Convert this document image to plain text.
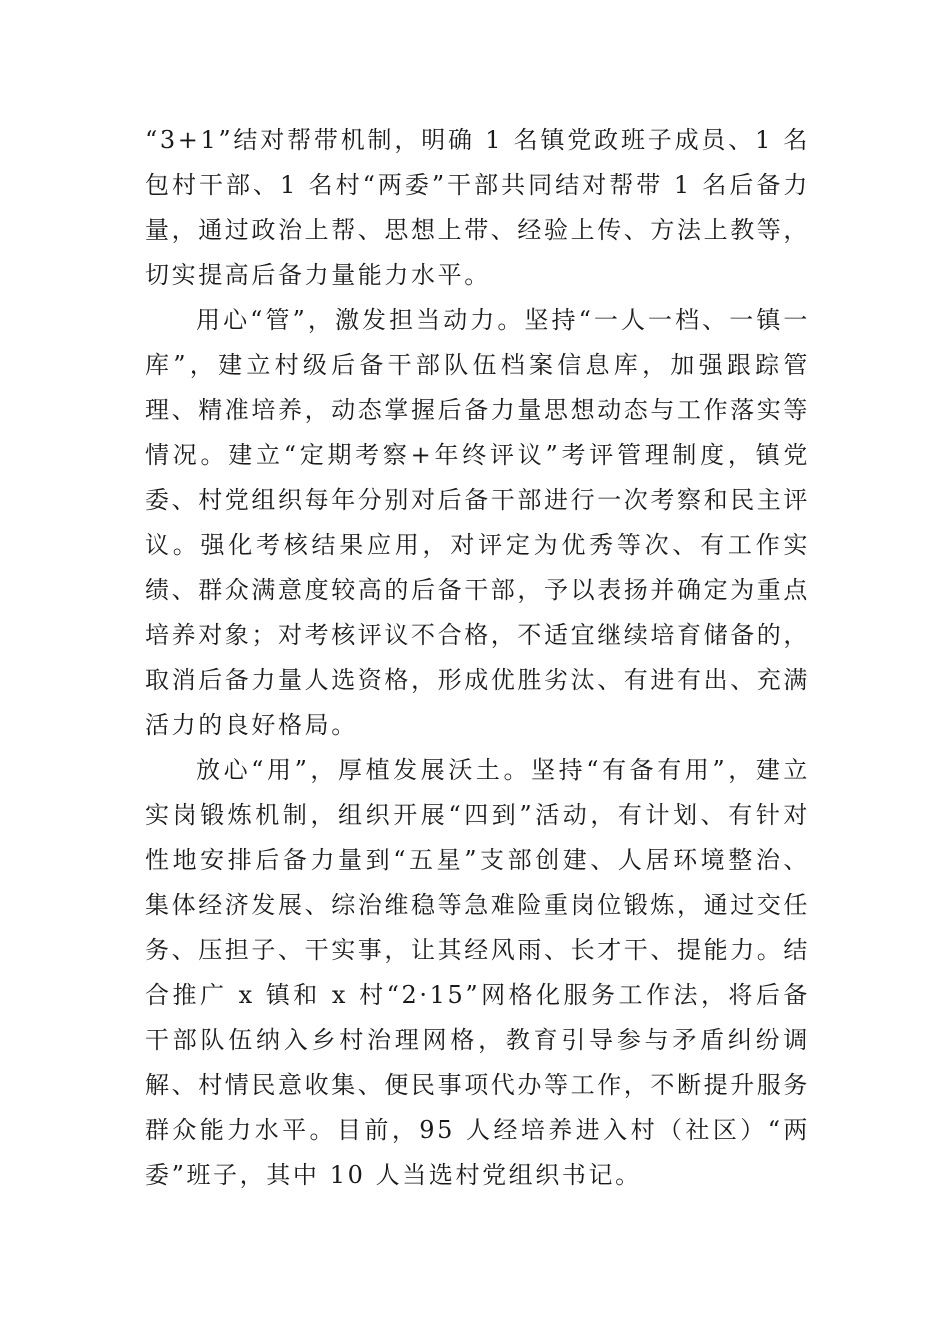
“3+1”结对帮带机制，明确 1 名镇党政班子成员、1 名包村干部、1 名村“两委”干部共同结对帮带 1 名后备力量，通过政治上帮、思想上带、经验上传、方法上教等，切实提高后备力量能力水平。

用心“管”，激发担当动力。坚持“一人一档、一镇一库”，建立村级后备干部队伍档案信息库，加强跟踪管理、精准培养，动态掌握后备力量思想动态与工作落实等情况。建立“定期考察+年终评议”考评管理制度，镇党委、村党组织每年分别对后备干部进行一次考察和民主评议。强化考核结果应用，对评定为优秀等次、有工作实绩、群众满意度较高的后备干部，予以表扬并确定为重点培养对象；对考核评议不合格，不适宜继续培育储备的，取消后备力量人选资格，形成优胜劣汰、有进有出、充满活力的良好格局。

放心“用”，厚植发展沃土。坚持“有备有用”，建立实岗锻炼机制，组织开展“四到”活动，有计划、有针对性地安排后备力量到“五星”支部创建、人居环境整治、集体经济发展、综治维稳等急难险重岗位锻炼，通过交任务、压担子、干实事，让其经风雨、长才干、提能力。结合推广 x 镇和 x 村“2·15”网格化服务工作法，将后备干部队伍纳入乡村治理网格，教育引导参与矛盾纠纷调解、村情民意收集、便民事项代办等工作，不断提升服务群众能力水平。目前，95 人经培养进入村（社区）“两委”班子，其中 10 人当选村党组织书记。
